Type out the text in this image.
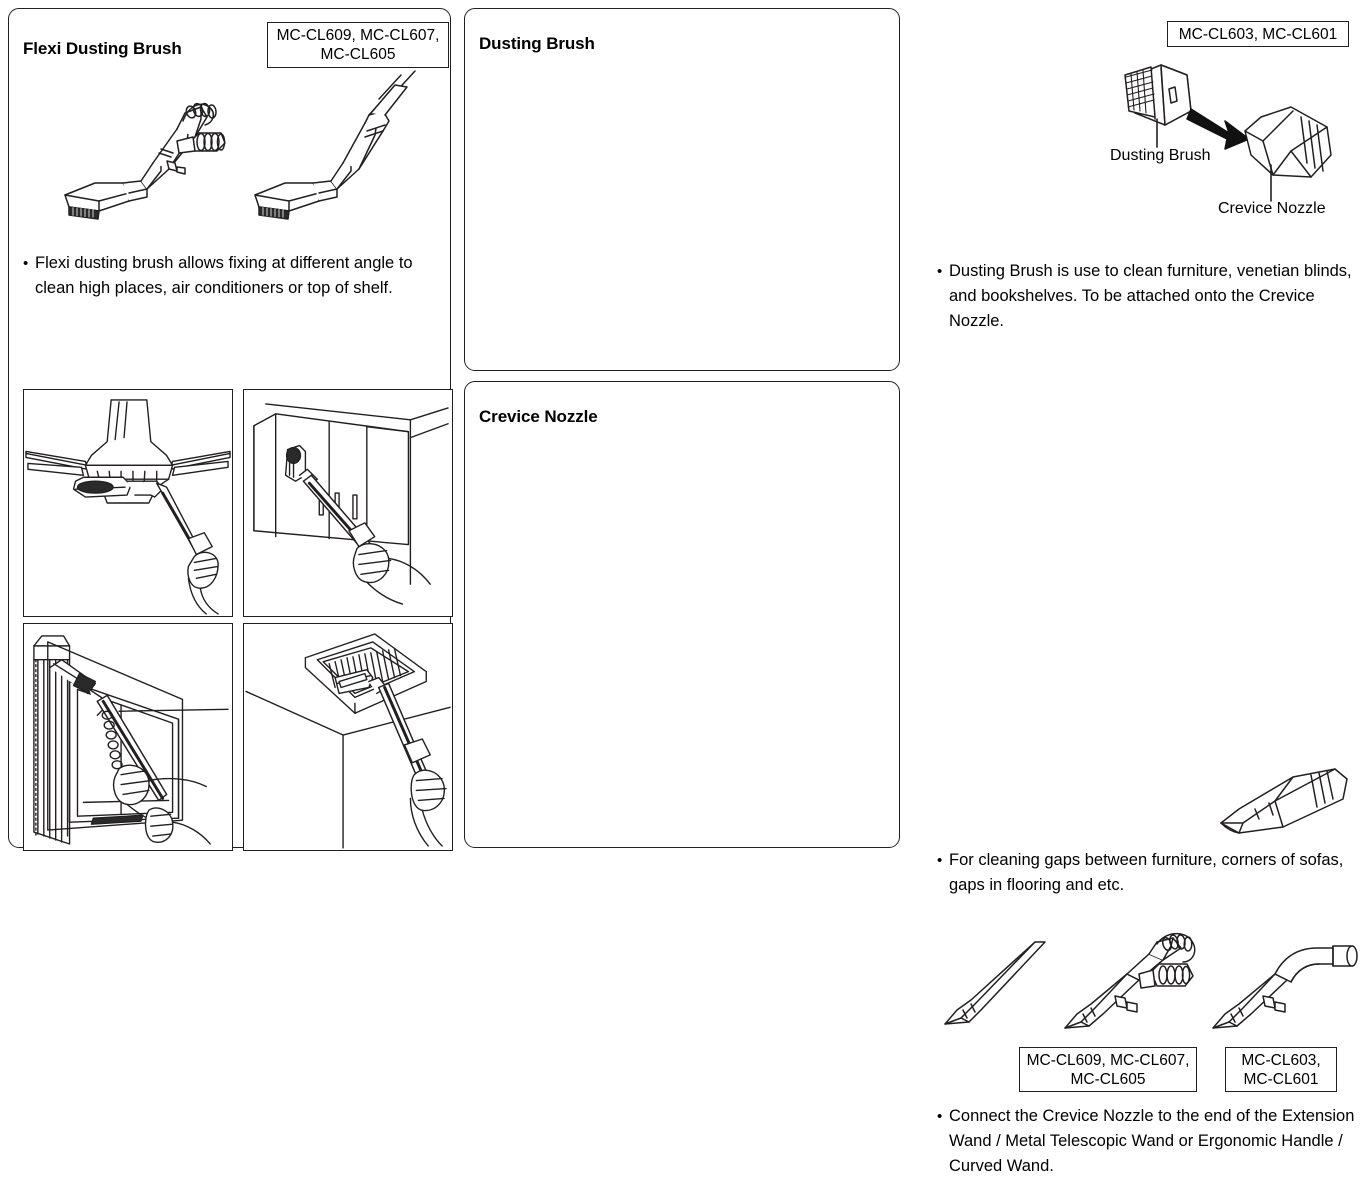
Flexi Dusting Brush
MC-CL609, MC-CL607,
MC-CL605
• Flexi dusting brush allows fixing at different angle to clean high places, air conditioners or top of shelf.
Dusting Brush	MC-CL603, MC-CL601
Dusting Brush
Crevice Nozzle
• Dusting Brush is use to clean furniture, venetian blinds, and bookshelves. To be attached onto the Crevice Nozzle.
Crevice Nozzle
• For cleaning gaps between furniture, corners of sofas, gaps in flooring and etc.
MC-CL609, MC-CL607,
MC-CL605
MC-CL603,
MC-CL601
• Connect the Crevice Nozzle to the end of the Extension Wand / Metal Telescopic Wand or Ergonomic Handle / Curved Wand.
